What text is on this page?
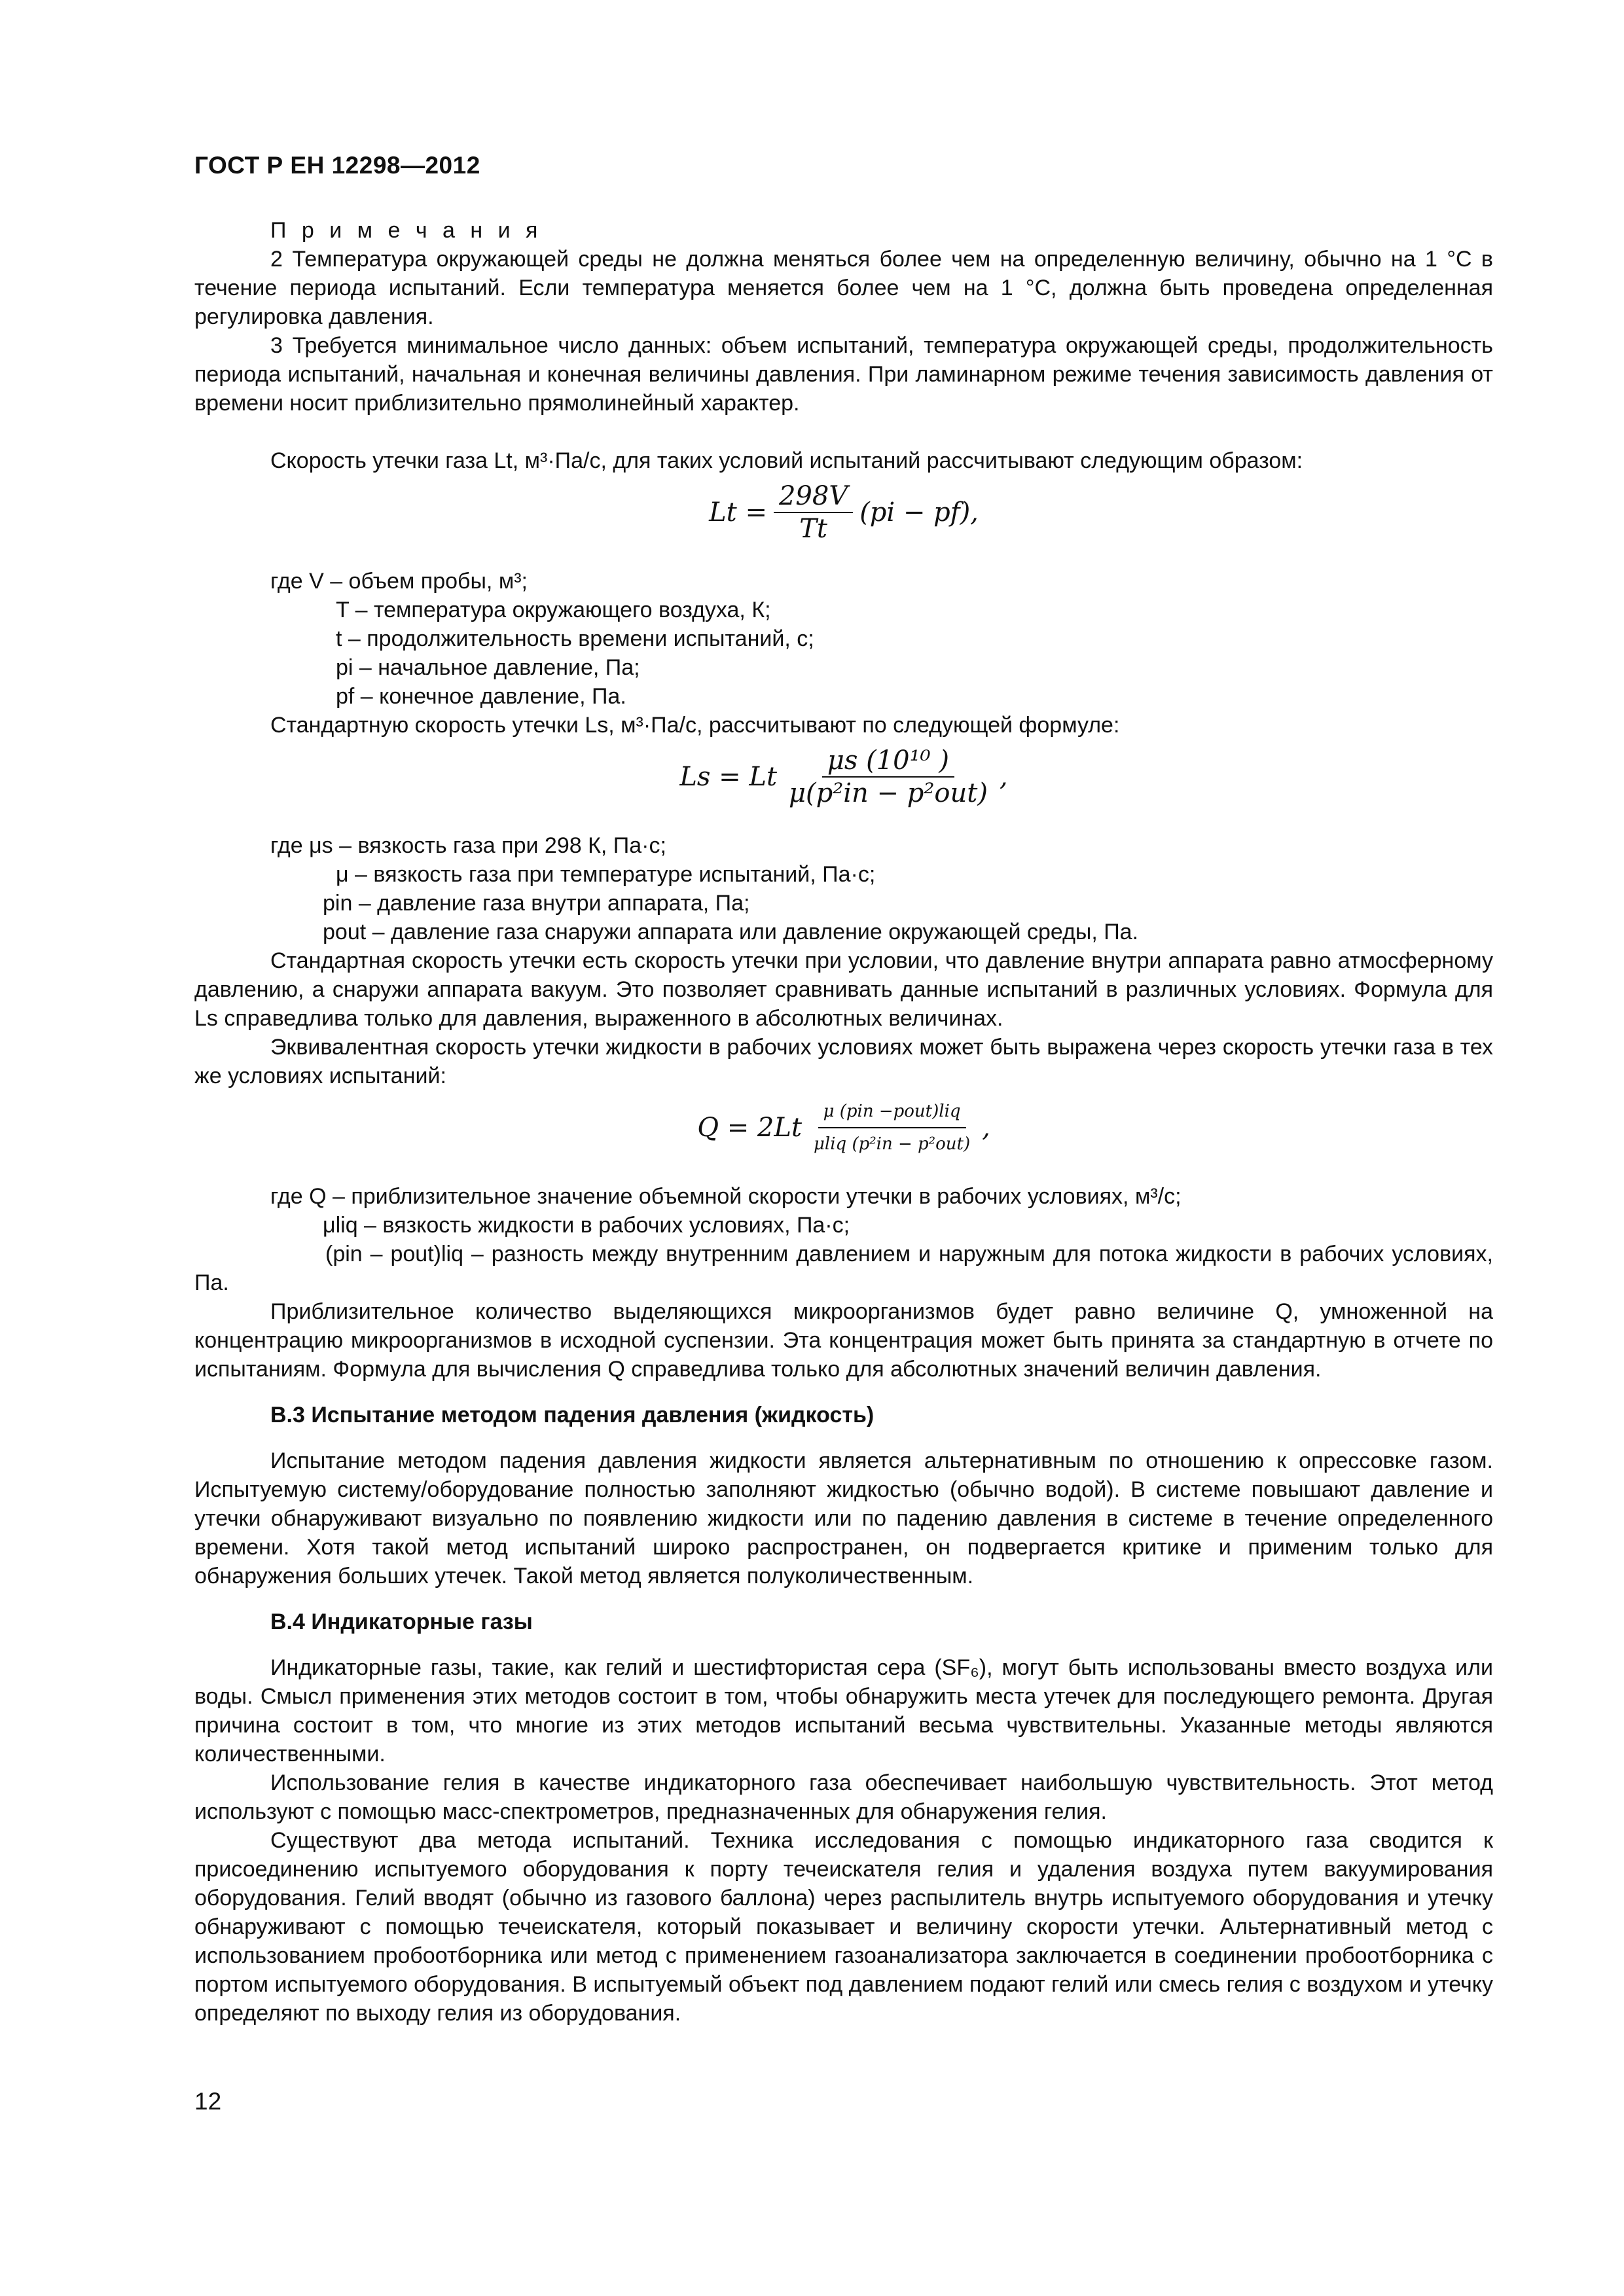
ГОСТ Р ЕН 12298—2012

П р и м е ч а н и я

2 Температура окружающей среды не должна меняться более чем на определенную величину, обычно на 1 °С в течение периода испытаний. Если температура меняется более чем на 1 °С, должна быть проведена определенная регулировка давления.

3 Требуется минимальное число данных: объем испытаний, температура окружающей среды, продолжительность периода испытаний, начальная и конечная величины давления. При ламинарном режиме течения зависимость давления от времени носит приблизительно прямолинейный характер.

Скорость утечки газа Lt, м³·Па/с, для таких условий испытаний рассчитывают следующим образом:

$Lt = \frac{298V}{Tt} (pi - pf)$,
где V – объем пробы, м³;
T – температура окружающего воздуха, К;
t – продолжительность времени испытаний, с;
pi – начальное давление, Па;
pf – конечное давление, Па.

Стандартную скорость утечки Ls, м³·Па/с, рассчитывают по следующей формуле:

Ls = Lt $\frac{\text{μs (10¹⁰ )}}{\text{μ(p²in − p²out)}}$ ,
где μs – вязкость газа при 298 К, Па·с;
μ – вязкость газа при температуре испытаний, Па·с;
pin – давление газа внутри аппарата, Па;
pout – давление газа снаружи аппарата или давление окружающей среды, Па.

Стандартная скорость утечки есть скорость утечки при условии, что давление внутри аппарата равно атмосферному давлению, а снаружи аппарата вакуум. Это позволяет сравнивать данные испытаний в различных условиях. Формула для Ls справедлива только для давления, выраженного в абсолютных величинах.

Эквивалентная скорость утечки жидкости в рабочих условиях может быть выражена через скорость утечки газа в тех же условиях испытаний:

$Q = 2Lt \frac{\text{μ (pin −pout)liq}}{\text{μliq (p²in − p²out)}}$ ,
где Q – приблизительное значение объемной скорости утечки в рабочих условиях, м³/с;
μliq – вязкость жидкости в рабочих условиях, Па·с;

(pin – pout)liq – разность между внутренним давлением и наружным для потока жидкости в рабочих условиях, Па.

Приблизительное количество выделяющихся микроорганизмов будет равно величине Q, умноженной на концентрацию микроорганизмов в исходной суспензии. Эта концентрация может быть принята за стандартную в отчете по испытаниям. Формула для вычисления Q справедлива только для абсолютных значений величин давления.

B.3 Испытание методом падения давления (жидкость)

Испытание методом падения давления жидкости является альтернативным по отношению к опрессовке газом. Испытуемую систему/оборудование полностью заполняют жидкостью (обычно водой). В системе повышают давление и утечки обнаруживают визуально по появлению жидкости или по падению давления в системе в течение определенного времени. Хотя такой метод испытаний широко распространен, он подвергается критике и применим только для обнаружения больших утечек. Такой метод является полуколичественным.

B.4 Индикаторные газы

Индикаторные газы, такие, как гелий и шестифтористая сера (SF₆), могут быть использованы вместо воздуха или воды. Смысл применения этих методов состоит в том, чтобы обнаружить места утечек для последующего ремонта. Другая причина состоит в том, что многие из этих методов испытаний весьма чувствительны. Указанные методы являются количественными.

Использование гелия в качестве индикаторного газа обеспечивает наибольшую чувствительность. Этот метод используют с помощью масс-спектрометров, предназначенных для обнаружения гелия.

Существуют два метода испытаний. Техника исследования с помощью индикаторного газа сводится к присоединению испытуемого оборудования к порту течеискателя гелия и удаления воздуха путем вакуумирования оборудования. Гелий вводят (обычно из газового баллона) через распылитель внутрь испытуемого оборудования и утечку обнаруживают с помощью течеискателя, который показывает и величину скорости утечки. Альтернативный метод с использованием пробоотборника или метод с применением газоанализатора заключается в соединении пробоотборника с портом испытуемого оборудования. В испытуемый объект под давлением подают гелий или смесь гелия с воздухом и утечку определяют по выходу гелия из оборудования.

12
